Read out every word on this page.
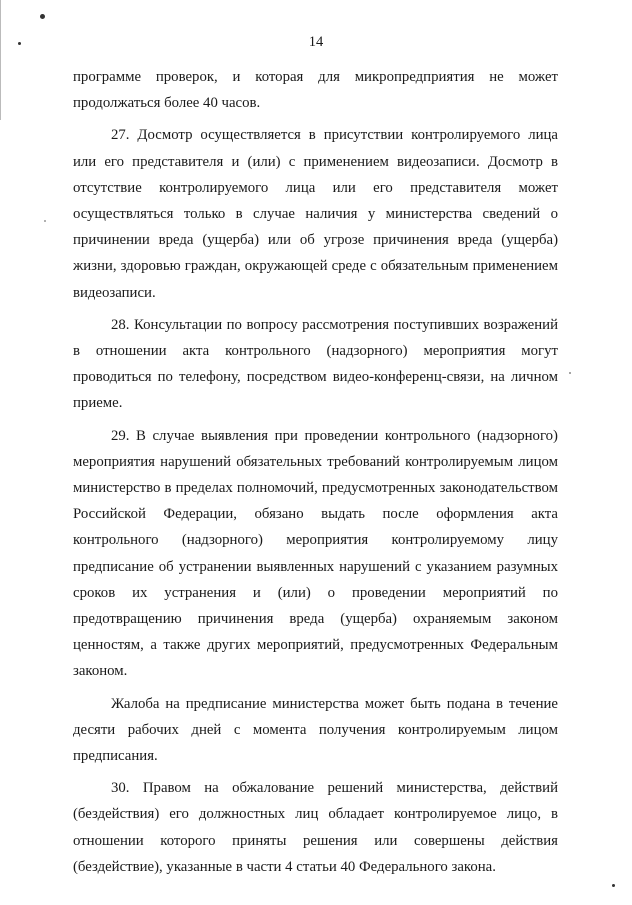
14

программе проверок, и которая для микропредприятия не может продолжаться более 40 часов.

27. Досмотр осуществляется в присутствии контролируемого лица или его представителя и (или) с применением видеозаписи. Досмотр в отсутствие контролируемого лица или его представителя может осуществляться только в случае наличия у министерства сведений о причинении вреда (ущерба) или об угрозе причинения вреда (ущерба) жизни, здоровью граждан, окружающей среде с обязательным применением видеозаписи.

28. Консультации по вопросу рассмотрения поступивших возражений в отношении акта контрольного (надзорного) мероприятия могут проводиться по телефону, посредством видео-конференц-связи, на личном приеме.

29. В случае выявления при проведении контрольного (надзорного) мероприятия нарушений обязательных требований контролируемым лицом министерство в пределах полномочий, предусмотренных законодательством Российской Федерации, обязано выдать после оформления акта контрольного (надзорного) мероприятия контролируемому лицу предписание об устранении выявленных нарушений с указанием разумных сроков их устранения и (или) о проведении мероприятий по предотвращению причинения вреда (ущерба) охраняемым законом ценностям, а также других мероприятий, предусмотренных Федеральным законом.

Жалоба на предписание министерства может быть подана в течение десяти рабочих дней с момента получения контролируемым лицом предписания.

30. Правом на обжалование решений министерства, действий (бездействия) его должностных лиц обладает контролируемое лицо, в отношении которого приняты решения или совершены действия (бездействие), указанные в части 4 статьи 40 Федерального закона.
